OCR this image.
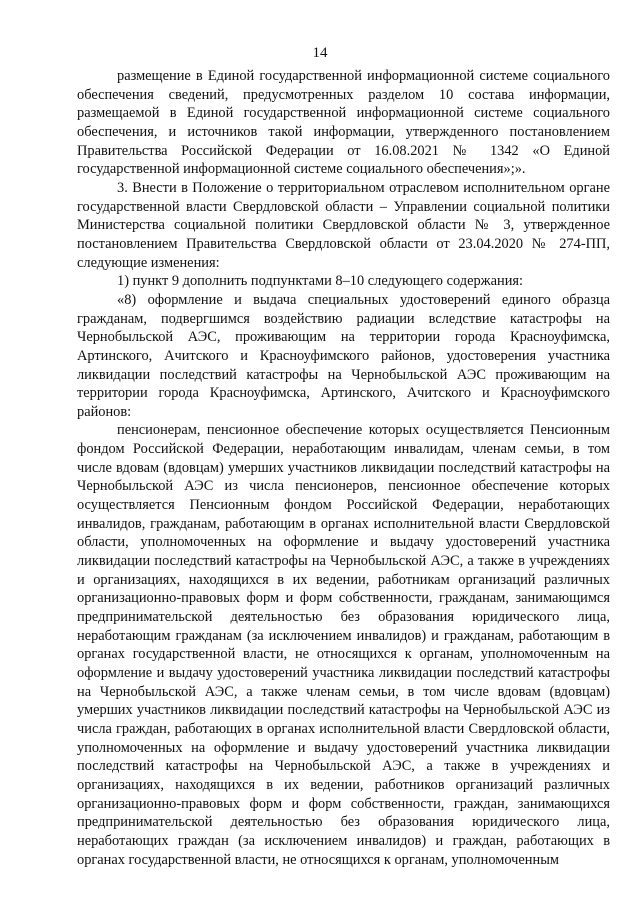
14

размещение в Единой государственной информационной системе социального обеспечения сведений, предусмотренных разделом 10 состава информации, размещаемой в Единой государственной информационной системе социального обеспечения, и источников такой информации, утвержденного постановлением Правительства Российской Федерации от 16.08.2021 № 1342 «О Единой государственной информационной системе социального обеспечения»;».

3. Внести в Положение о территориальном отраслевом исполнительном органе государственной власти Свердловской области – Управлении социальной политики Министерства социальной политики Свердловской области № 3, утвержденное постановлением Правительства Свердловской области от 23.04.2020 № 274-ПП, следующие изменения:

1) пункт 9 дополнить подпунктами 8–10 следующего содержания:

«8) оформление и выдача специальных удостоверений единого образца гражданам, подвергшимся воздействию радиации вследствие катастрофы на Чернобыльской АЭС, проживающим на территории города Красноуфимска, Артинского, Ачитского и Красноуфимского районов, удостоверения участника ликвидации последствий катастрофы на Чернобыльской АЭС проживающим на территории города Красноуфимска, Артинского, Ачитского и Красноуфимского районов:

пенсионерам, пенсионное обеспечение которых осуществляется Пенсионным фондом Российской Федерации, неработающим инвалидам, членам семьи, в том числе вдовам (вдовцам) умерших участников ликвидации последствий катастрофы на Чернобыльской АЭС из числа пенсионеров, пенсионное обеспечение которых осуществляется Пенсионным фондом Российской Федерации, неработающих инвалидов, гражданам, работающим в органах исполнительной власти Свердловской области, уполномоченных на оформление и выдачу удостоверений участника ликвидации последствий катастрофы на Чернобыльской АЭС, а также в учреждениях и организациях, находящихся в их ведении, работникам организаций различных организационно-правовых форм и форм собственности, гражданам, занимающимся предпринимательской деятельностью без образования юридического лица, неработающим гражданам (за исключением инвалидов) и гражданам, работающим в органах государственной власти, не относящихся к органам, уполномоченным на оформление и выдачу удостоверений участника ликвидации последствий катастрофы на Чернобыльской АЭС, а также членам семьи, в том числе вдовам (вдовцам) умерших участников ликвидации последствий катастрофы на Чернобыльской АЭС из числа граждан, работающих в органах исполнительной власти Свердловской области, уполномоченных на оформление и выдачу удостоверений участника ликвидации последствий катастрофы на Чернобыльской АЭС, а также в учреждениях и организациях, находящихся в их ведении, работников организаций различных организационно-правовых форм и форм собственности, граждан, занимающихся предпринимательской деятельностью без образования юридического лица, неработающих граждан (за исключением инвалидов) и граждан, работающих в органах государственной власти, не относящихся к органам, уполномоченным
